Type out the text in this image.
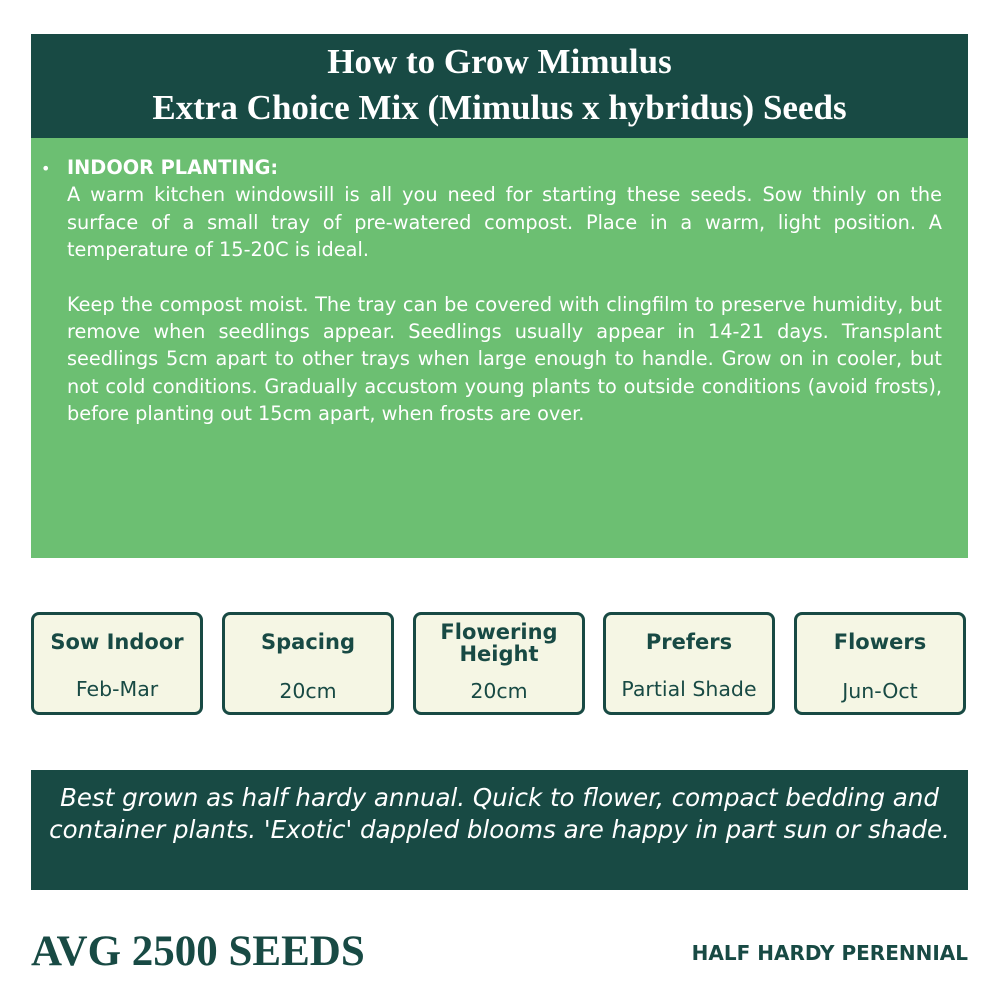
How to Grow Mimulus
Extra Choice Mix (Mimulus x hybridus) Seeds
• INDOOR PLANTING:

A warm kitchen windowsill is all you need for starting these seeds. Sow thinly on the surface of a small tray of pre-watered compost. Place in a warm, light position. A temperature of 15-20C is ideal.

Keep the compost moist. The tray can be covered with clingfilm to preserve humidity, but remove when seedlings appear. Seedlings usually appear in 14-21 days. Transplant seedlings 5cm apart to other trays when large enough to handle. Grow on in cooler, but not cold conditions. Gradually accustom young plants to outside conditions (avoid frosts), before planting out 15cm apart, when frosts are over.

Sow Indoor
Feb-Mar
Spacing
20cm
Flowering Height
20cm
Prefers
Partial Shade
Flowers
Jun-Oct
Best grown as half hardy annual. Quick to flower, compact bedding and container plants. 'Exotic' dappled blooms are happy in part sun or shade.
AVG 2500 SEEDS	HALF HARDY PERENNIAL
